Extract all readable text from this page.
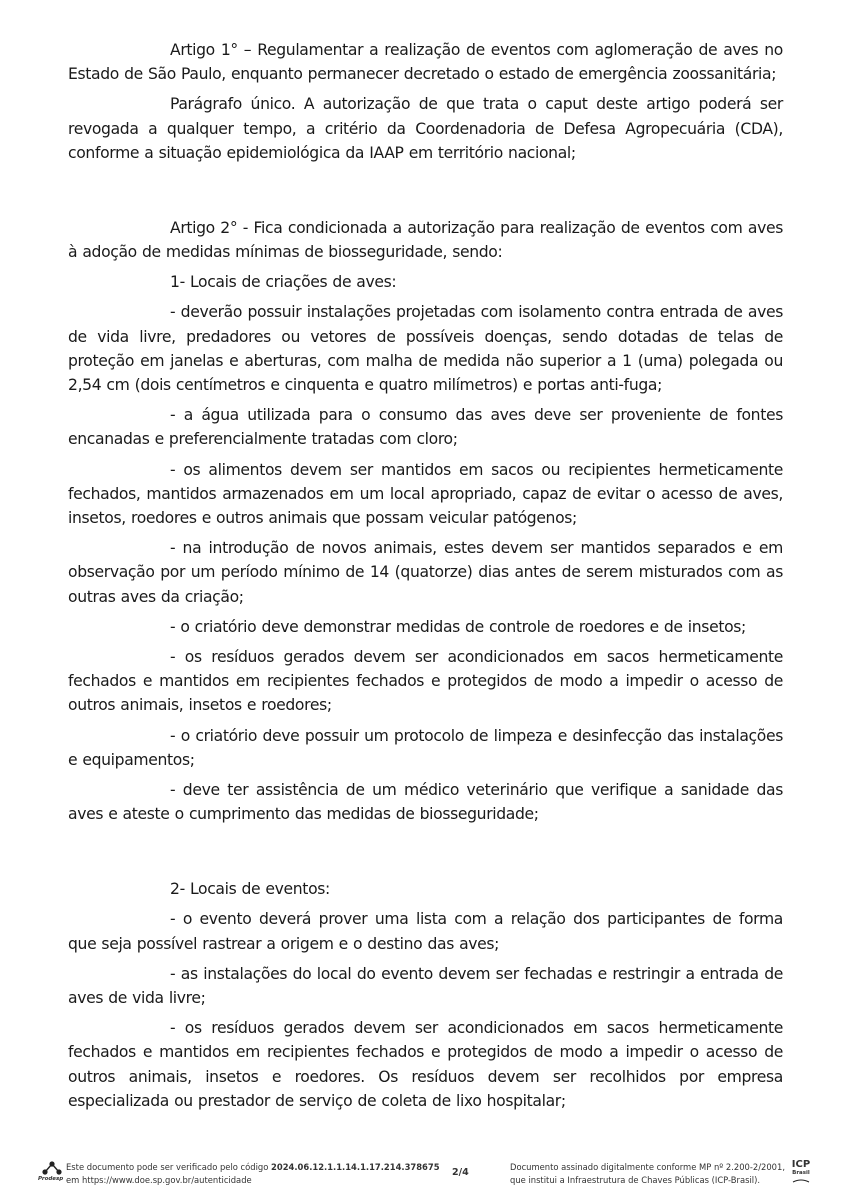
Artigo 1° – Regulamentar a realização de eventos com aglomeração de aves no Estado de São Paulo, enquanto permanecer decretado o estado de emergência zoossanitária;

Parágrafo único. A autorização de que trata o caput deste artigo poderá ser revogada a qualquer tempo, a critério da Coordenadoria de Defesa Agropecuária (CDA), conforme a situação epidemiológica da IAAP em território nacional;

Artigo 2° - Fica condicionada a autorização para realização de eventos com aves à adoção de medidas mínimas de biosseguridade, sendo:

1- Locais de criações de aves:

- deverão possuir instalações projetadas com isolamento contra entrada de aves de vida livre, predadores ou vetores de possíveis doenças, sendo dotadas de telas de proteção em janelas e aberturas, com malha de medida não superior a 1 (uma) polegada ou 2,54 cm (dois centímetros e cinquenta e quatro milímetros) e portas anti-fuga;

- a água utilizada para o consumo das aves deve ser proveniente de fontes encanadas e preferencialmente tratadas com cloro;

- os alimentos devem ser mantidos em sacos ou recipientes hermeticamente fechados, mantidos armazenados em um local apropriado, capaz de evitar o acesso de aves, insetos, roedores e outros animais que possam veicular patógenos;

- na introdução de novos animais, estes devem ser mantidos separados e em observação por um período mínimo de 14 (quatorze) dias antes de serem misturados com as outras aves da criação;

- o criatório deve demonstrar medidas de controle de roedores e de insetos;

- os resíduos gerados devem ser acondicionados em sacos hermeticamente fechados e mantidos em recipientes fechados e protegidos de modo a impedir o acesso de outros animais, insetos e roedores;

- o criatório deve possuir um protocolo de limpeza e desinfecção das instalações e equipamentos;

- deve ter assistência de um médico veterinário que verifique a sanidade das aves e ateste o cumprimento das medidas de biosseguridade;

2- Locais de eventos:

- o evento deverá prover uma lista com a relação dos participantes de forma que seja possível rastrear a origem e o destino das aves;

- as instalações do local do evento devem ser fechadas e restringir a entrada de aves de vida livre;

- os resíduos gerados devem ser acondicionados em sacos hermeticamente fechados e mantidos em recipientes fechados e protegidos de modo a impedir o acesso de outros animais, insetos e roedores. Os resíduos devem ser recolhidos por empresa especializada ou prestador de serviço de coleta de lixo hospitalar;

Prodesp
Este documento pode ser verificado pelo código 2024.06.12.1.1.14.1.17.214.378675
em https://www.doe.sp.gov.br/autenticidade
2/4	Documento assinado digitalmente conforme MP nº 2.200-2/2001,
que institui a Infraestrutura de Chaves Públicas (ICP-Brasil).
ICP
Brasil
